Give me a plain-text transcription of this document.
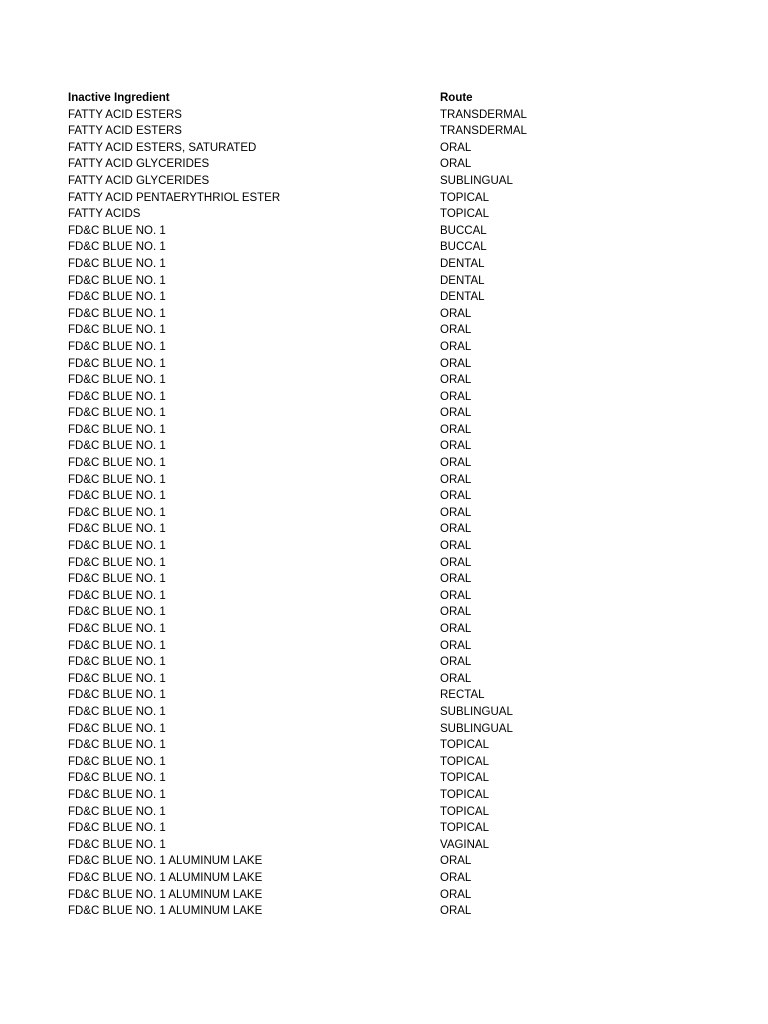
Inactive Ingredient	Route
FATTY ACID ESTERS	TRANSDERMAL
FATTY ACID ESTERS	TRANSDERMAL
FATTY ACID ESTERS, SATURATED	ORAL
FATTY ACID GLYCERIDES	ORAL
FATTY ACID GLYCERIDES	SUBLINGUAL
FATTY ACID PENTAERYTHRIOL ESTER	TOPICAL
FATTY ACIDS	TOPICAL
FD&C BLUE NO. 1	BUCCAL
FD&C BLUE NO. 1	BUCCAL
FD&C BLUE NO. 1	DENTAL
FD&C BLUE NO. 1	DENTAL
FD&C BLUE NO. 1	DENTAL
FD&C BLUE NO. 1	ORAL
FD&C BLUE NO. 1	ORAL
FD&C BLUE NO. 1	ORAL
FD&C BLUE NO. 1	ORAL
FD&C BLUE NO. 1	ORAL
FD&C BLUE NO. 1	ORAL
FD&C BLUE NO. 1	ORAL
FD&C BLUE NO. 1	ORAL
FD&C BLUE NO. 1	ORAL
FD&C BLUE NO. 1	ORAL
FD&C BLUE NO. 1	ORAL
FD&C BLUE NO. 1	ORAL
FD&C BLUE NO. 1	ORAL
FD&C BLUE NO. 1	ORAL
FD&C BLUE NO. 1	ORAL
FD&C BLUE NO. 1	ORAL
FD&C BLUE NO. 1	ORAL
FD&C BLUE NO. 1	ORAL
FD&C BLUE NO. 1	ORAL
FD&C BLUE NO. 1	ORAL
FD&C BLUE NO. 1	ORAL
FD&C BLUE NO. 1	ORAL
FD&C BLUE NO. 1	ORAL
FD&C BLUE NO. 1	RECTAL
FD&C BLUE NO. 1	SUBLINGUAL
FD&C BLUE NO. 1	SUBLINGUAL
FD&C BLUE NO. 1	TOPICAL
FD&C BLUE NO. 1	TOPICAL
FD&C BLUE NO. 1	TOPICAL
FD&C BLUE NO. 1	TOPICAL
FD&C BLUE NO. 1	TOPICAL
FD&C BLUE NO. 1	TOPICAL
FD&C BLUE NO. 1	VAGINAL
FD&C BLUE NO. 1 ALUMINUM LAKE	ORAL
FD&C BLUE NO. 1 ALUMINUM LAKE	ORAL
FD&C BLUE NO. 1 ALUMINUM LAKE	ORAL
FD&C BLUE NO. 1 ALUMINUM LAKE	ORAL
